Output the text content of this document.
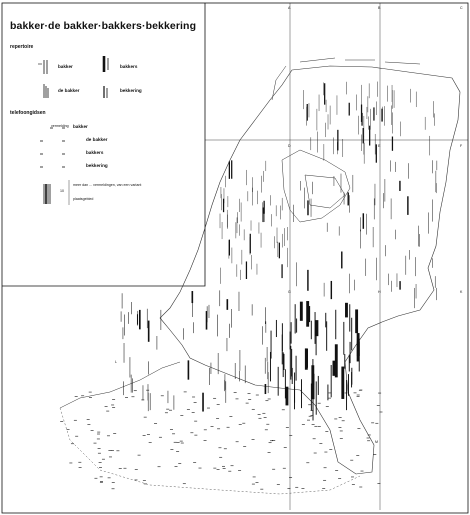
bakker·de bakker·bakkers·bekkering
repertoire
bakker	bakkers
de bakker	bekkering
telefoongidsen
vermelding bakker
de bakker
bakkers
bekkering
10
meer dan ... vermeldingen, van een variant
plaatsgebied
A	B	C
D	E	F
G	H	K
L
M
